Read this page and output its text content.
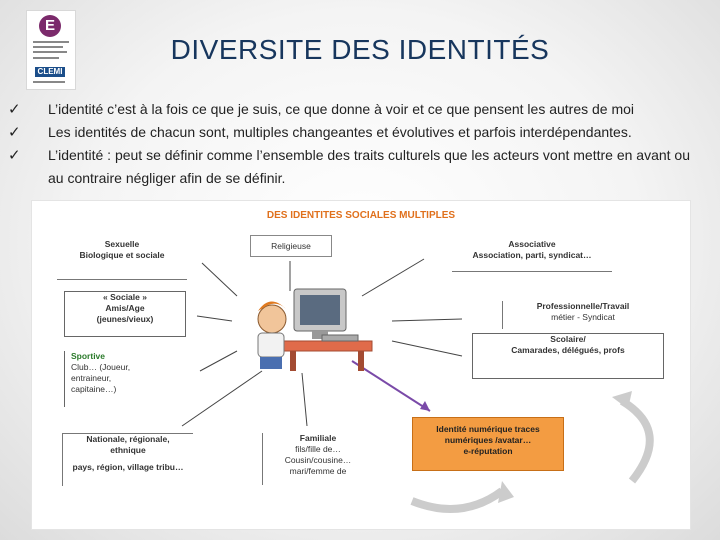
E
CLEMI
DIVERSITE DES IDENTITÉS
✓ L’identité c’est à la fois ce que je suis, ce que donne à voir et ce que pensent les autres de moi
✓ Les identités de chacun sont, multiples changeantes et évolutives et parfois interdépendantes.
✓ L’identité : peut se définir comme l’ensemble des traits culturels que les acteurs vont mettre en avant ou au contraire négliger afin de se définir.
DES IDENTITES SOCIALES MULTIPLES
Sexuelle
Biologique et sociale
Religieuse	Associative
Association, parti, syndicat…
« Sociale »
Amis/Age
(jeunes/vieux)
Professionnelle/Travail
métier - Syndicat
Sportive
Club… (Joueur,
entraineur,
capitaine…)
Scolaire/
Camarades, délégués, profs
Nationale, régionale,
ethnique
pays, région, village tribu…
Familiale
fils/fille de…
Cousin/cousine…
mari/femme de
Identité numérique traces
numériques /avatar…
e-réputation
